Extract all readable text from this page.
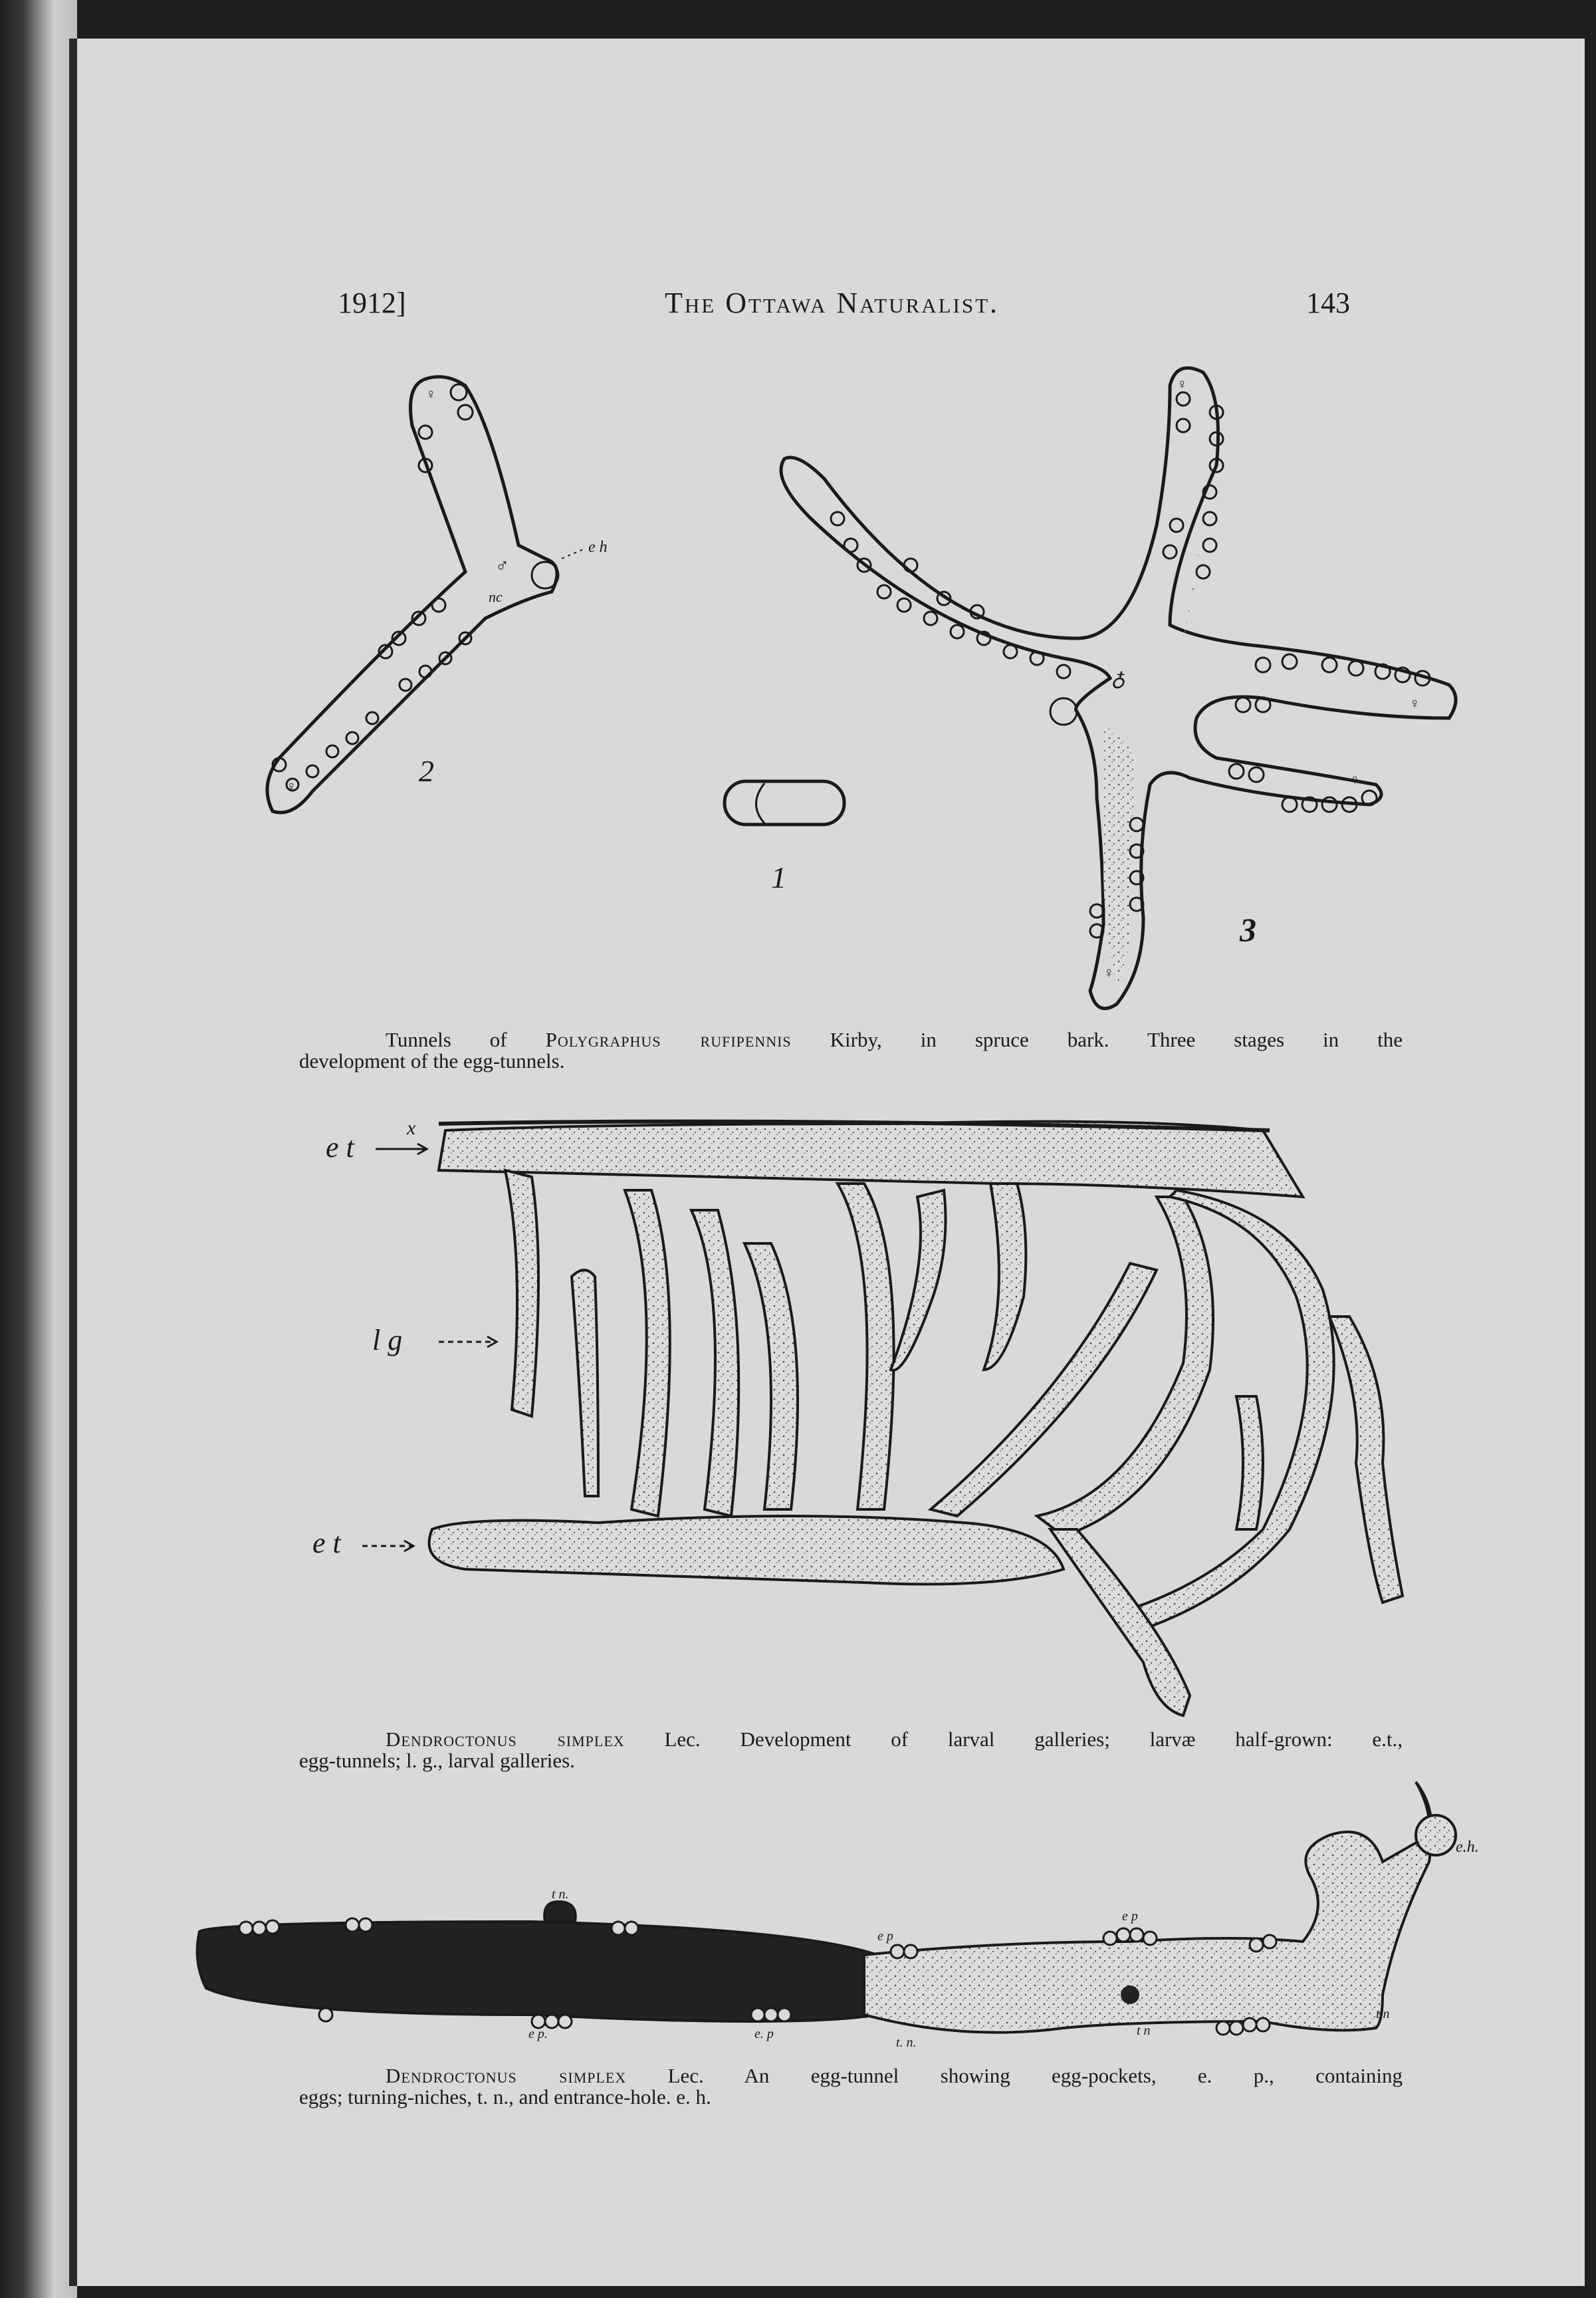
1912]	The Ottawa Naturalist.	143
2
1
3
e h
nc
♂
♀
♀
♁
♀
♀
♀
♀
e t
x
l g
e t
e.h.
t n.
e p.	e. p
e p
t. n.
e p
t n
t n
Tunnels of Polygraphus rufipennis Kirby, in spruce bark. Three stages in the
development of the egg-tunnels.
Dendroctonus simplex Lec. Development of larval galleries; larvæ half-grown: e.t.,
egg-tunnels; l. g., larval galleries.
Dendroctonus simplex Lec. An egg-tunnel showing egg-pockets, e. p., containing
eggs; turning-niches, t. n., and entrance-hole. e. h.
